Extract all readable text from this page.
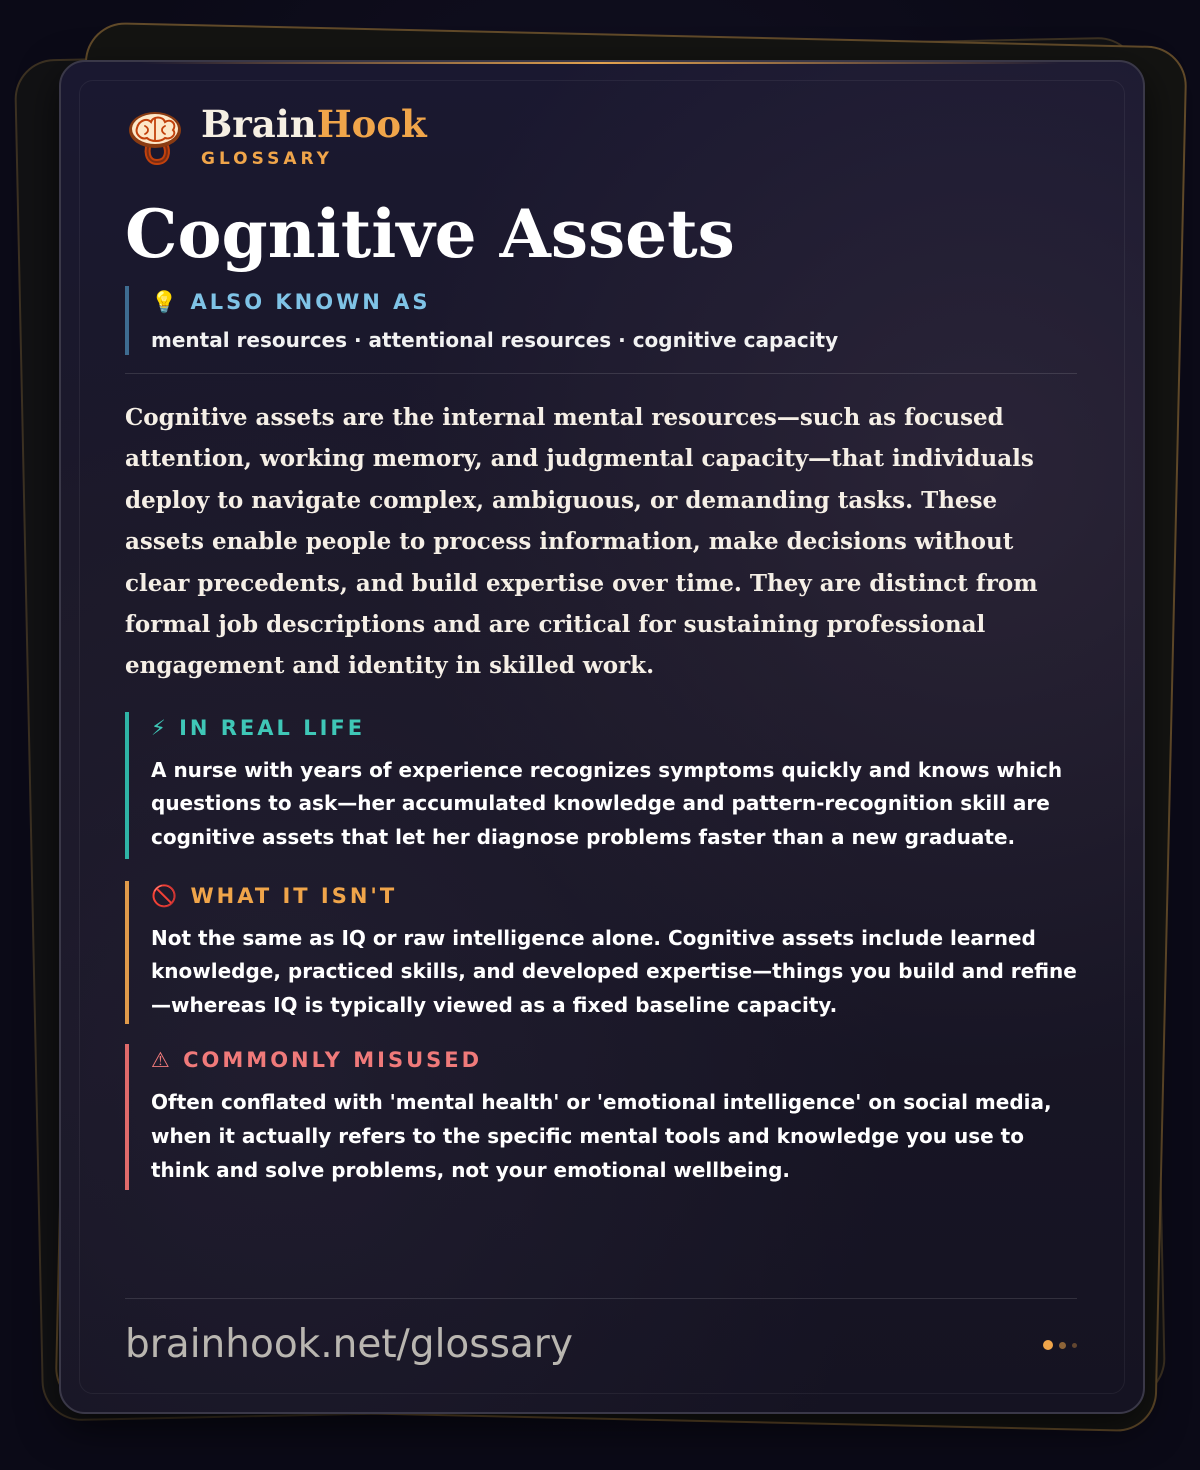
BrainHook
GLOSSARY
Cognitive Assets
💡 ALSO KNOWN AS
mental resources · attentional resources · cognitive capacity

Cognitive assets are the internal mental resources—such as focused attention, working memory, and judgmental capacity—that individuals deploy to navigate complex, ambiguous, or demanding tasks. These assets enable people to process information, make decisions without clear precedents, and build expertise over time. They are distinct from formal job descriptions and are critical for sustaining professional engagement and identity in skilled work.

⚡ IN REAL LIFE
A nurse with years of experience recognizes symptoms quickly and knows which questions to ask—her accumulated knowledge and pattern-recognition skill are cognitive assets that let her diagnose problems faster than a new graduate.
🚫 WHAT IT ISN'T
Not the same as IQ or raw intelligence alone. Cognitive assets include learned knowledge, practiced skills, and developed expertise—things you build and refine—whereas IQ is typically viewed as a fixed baseline capacity.
⚠ COMMONLY MISUSED
Often conflated with 'mental health' or 'emotional intelligence' on social media, when it actually refers to the specific mental tools and knowledge you use to think and solve problems, not your emotional wellbeing.
brainhook.net/glossary
